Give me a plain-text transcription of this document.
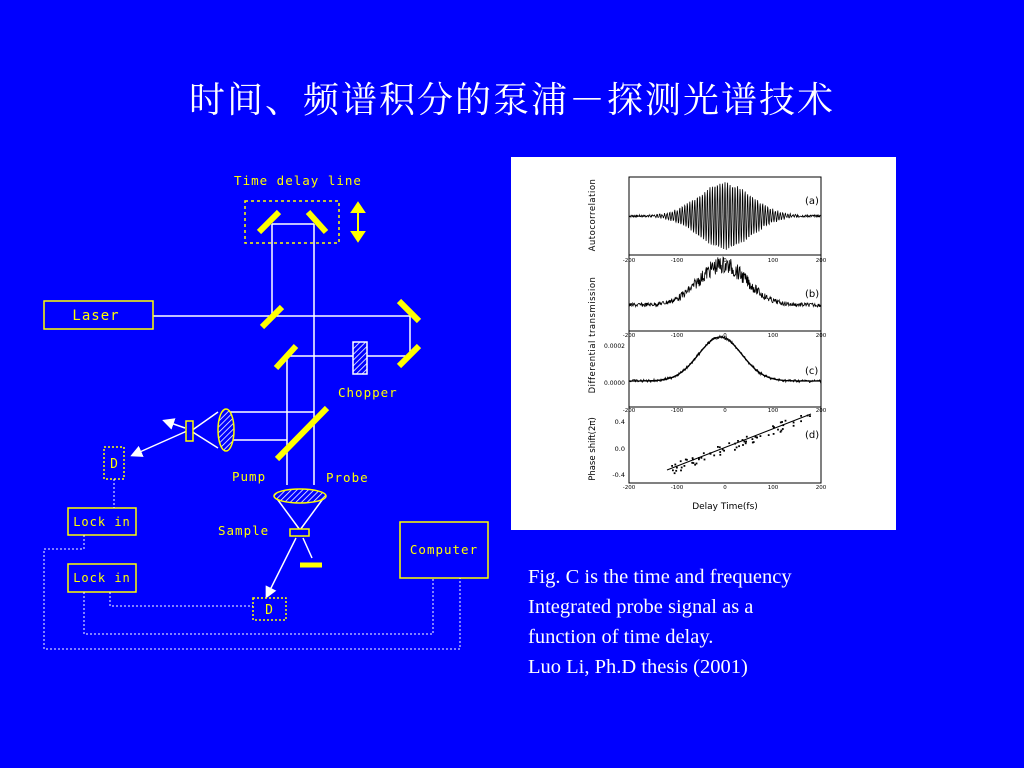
时间、频谱积分的泵浦－探测光谱技术
Time delay line
Chopper
Pump	Probe
Sample
Laser
D
D
Lock in
Lock in
Computer
(a)
(b)
(c)
(d)
Autocorrelation
Differential transmission
Phase shift(2π)
0.0002
0.0000
0.4
0.0
-0.4
-200	-100	0	100	200
-200	-100	0	100	200
-200	-100	0	100	200
-200	-100	0	100	200
Delay Time(fs)
Fig. C is the time and frequency
Integrated probe signal as a
function of time delay.
Luo Li, Ph.D thesis (2001)
